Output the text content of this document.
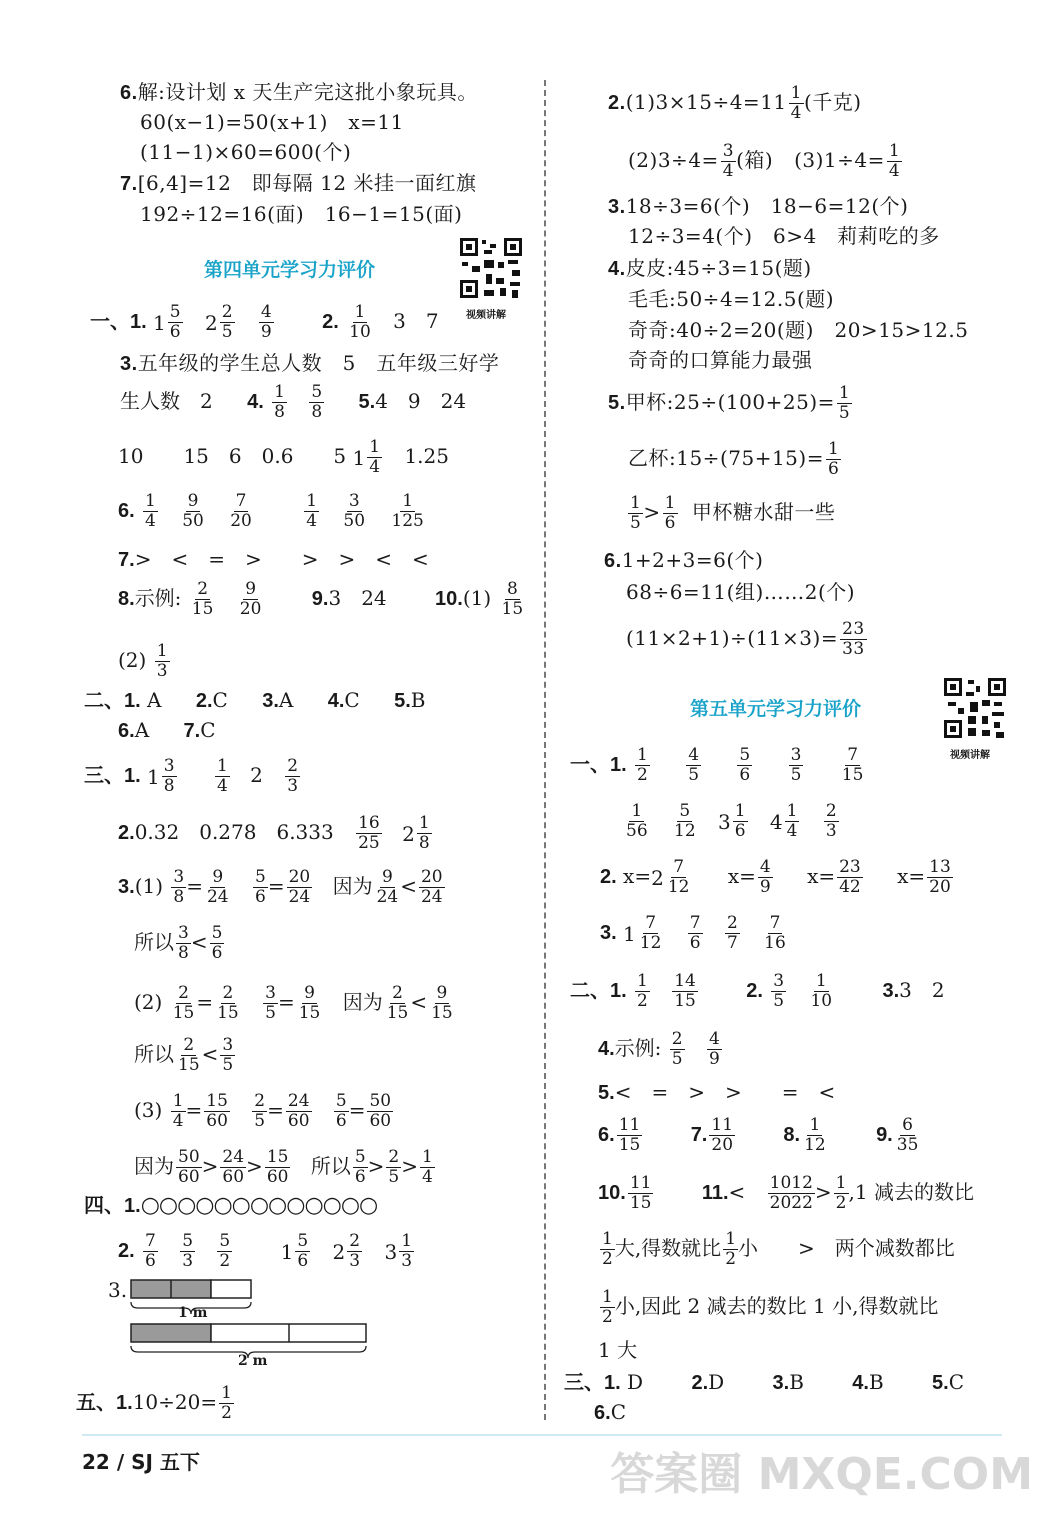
6.解:设计划 x 天生产完这批小象玩具。
60(x−1)=50(x+1)　x=11
(11−1)×60=600(个)
7.[6,4]=12　即每隔 12 米挂一面红旗
192÷12=16(面)　16−1=15(面)
第四单元学习力评价
视频讲解
一、1. 1 5
6
2 2
5
$\frac{4}{9} 2$. $\frac{1}{10} 3$　7
3.五年级的学生总人数　5　五年级三好学
生人数　2 4. $\frac{1}{8}$
$\frac{5}{8} 5.4$　9　24
10　　15　6　0.6　　5 1 1
4 1.25
6. $\frac{1}{4}$
$\frac{9}{50}$
$\frac{7}{20}$
	$\frac{1}{4}$
$\frac{3}{50}$
$\frac{1}{125}$
7.>　<　=　>　　>　>　<　<
8.示例: $\frac{2}{15}$
$\frac{9}{20} 9.3$　24 $10.(1) \frac{8}{15}$
$(2) \frac{1}{3}$
二、1. A 2.C 3.A 4.C 5.B
6.A 7.C
三、1. 1 3
8
$\frac{1}{4} 2 \frac{2}{3}$
2.0.32　0.278　$6.333 \frac{16}{25}$
2 1
8
$3.(1) \frac{3}{8} = \frac{9}{24}$
$\frac{5}{6} = \frac{20}{24}$ 因为 $\frac{9}{24} < \frac{20}{24}$
所以 $\frac{3}{8} < \frac{5}{6}$
$(2) \frac{2}{15} = \frac{2}{15}$
$\frac{3}{5} = \frac{9}{15}$ 因为 $\frac{2}{15} < \frac{9}{15}$
所以 $\frac{2}{15} < \frac{3}{5}$
$(3) \frac{1}{4} = \frac{15}{60}$
$\frac{2}{5} = \frac{24}{60}$
$\frac{5}{6} = \frac{50}{60}$
因为 $\frac{50}{60} > \frac{24}{60} > \frac{15}{60}$ 所以 $\frac{5}{6} > \frac{2}{5} > \frac{1}{4}$
四、1.○○○○○○○○○○○○○
2. $\frac{7}{6}$
$\frac{5}{3}$
$\frac{5}{2}$
1 5
6
2 2
3
3 1
3
3.
1 m
2 m
五、$1.10\div 20= \frac{1}{2}$
$2.(1)3\times 15\div 4=11 \frac{1}{4}$ (千克)
$(2)3\div 4= \frac{3}{4}$ (箱) $(3)1\div 4= \frac{1}{4}$
3.18÷3=6(个)　18−6=12(个)
12÷3=4(个)　6>4　莉莉吃的多
4.皮皮:45÷3=15(题)
毛毛:50÷4=12.5(题)
奇奇:40÷2=20(题)　20>15>12.5
奇奇的口算能力最强
5.甲杯:25÷(100+25)= $\frac{1}{5}$
乙杯:15÷(75+15)= $\frac{1}{6}$
$\frac{1}{5} > \frac{1}{6}$ 甲杯糖水甜一些
6.1+2+3=6(个)
68÷6=11(组)……2(个)
$(11\times 2+1)\div(11\times 3)= \frac{23}{33}$
第五单元学习力评价
视频讲解
一、1. $\frac{1}{2}$
$\frac{4}{5}$
$\frac{5}{6}$
$\frac{3}{5}$
$\frac{7}{15}$
$\frac{1}{56}$
$\frac{5}{12}$
3 1
6
4 1
4
$\frac{2}{3}$
2. x= 2 7
12 $x= \frac{4}{9} x= \frac{23}{42} x= \frac{13}{20}$
3. 1 7
12
$\frac{7}{6}$
$\frac{2}{7}$
$\frac{7}{16}$
二、1. $\frac{1}{2}$
$\frac{14}{15} 2$. $\frac{3}{5}$
$\frac{1}{10} 3.3$　2
4.示例: $\frac{2}{5}$
$\frac{4}{9}$
5.<　=　>　>　　=　<
6. $\frac{11}{15} 7$. $\frac{11}{20} 8$. $\frac{1}{12} 9$. $\frac{6}{35}$
10. $\frac{11}{15} 11.< \frac{1012}{2022} > \frac{1}{2} ,1$ 减去的数比
$\frac{1}{2}$ 大,得数就比 $\frac{1}{2}$ 小　　>　两个减数都比
$\frac{1}{2}$ 小,因此 2 减去的数比 1 小,得数就比
1 大
三、1. D 2.D 3.B 4.B 5.C
6.C
22 / SJ 五下	答案圈 MXQE.COM
